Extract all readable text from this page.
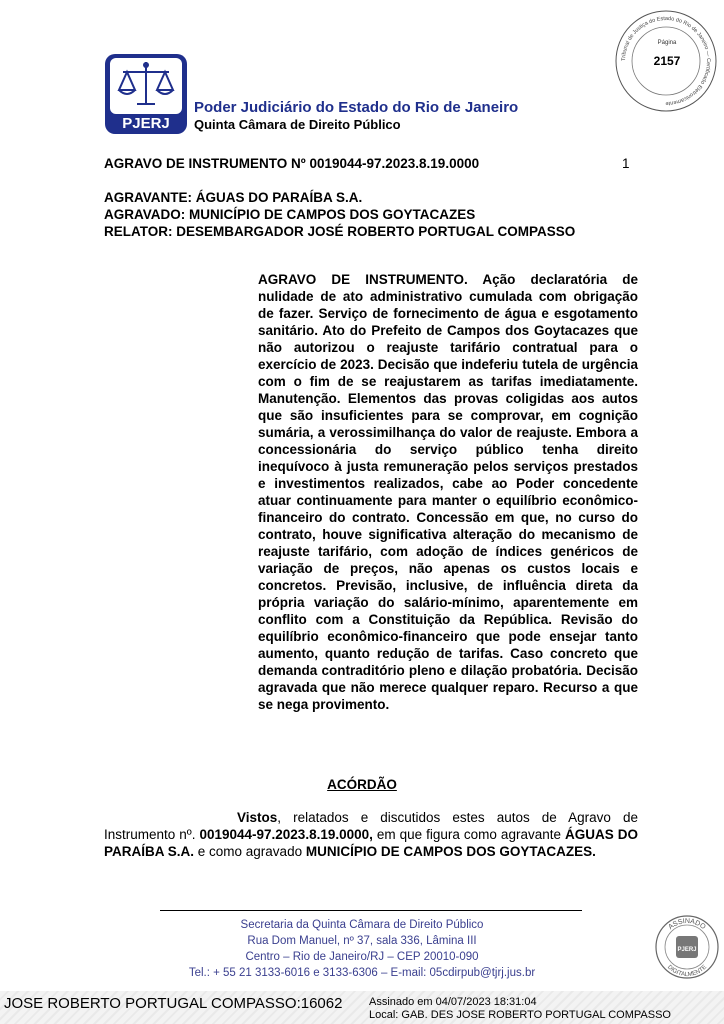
PJERJ
Poder Judiciário do Estado do Rio de Janeiro
Quinta Câmara de Direito Público
Tribunal de Justiça do Estado do Rio de Janeiro — Certificado Eletronicamente
Página
2157
AGRAVO DE INSTRUMENTO Nº 0019044-97.2023.8.19.0000	1
AGRAVANTE: ÁGUAS DO PARAÍBA S.A.
AGRAVADO: MUNICÍPIO DE CAMPOS DOS GOYTACAZES
RELATOR: DESEMBARGADOR JOSÉ ROBERTO PORTUGAL COMPASSO

AGRAVO DE INSTRUMENTO. Ação declaratória de nulidade de ato administrativo cumulada com obrigação de fazer. Serviço de fornecimento de água e esgotamento sanitário. Ato do Prefeito de Campos dos Goytacazes que não autorizou o reajuste tarifário contratual para o exercício de 2023. Decisão que indeferiu tutela de urgência com o fim de se reajustarem as tarifas imediatamente. Manutenção. Elementos das provas coligidas aos autos que são insuficientes para se comprovar, em cognição sumária, a verossimilhança do valor de reajuste. Embora a concessionária do serviço público tenha direito inequívoco à justa remuneração pelos serviços prestados e investimentos realizados, cabe ao Poder concedente atuar continuamente para manter o equilíbrio econômico-financeiro do contrato. Concessão em que, no curso do contrato, houve significativa alteração do mecanismo de reajuste tarifário, com adoção de índices genéricos de variação de preços, não apenas os custos locais e concretos. Previsão, inclusive, de influência direta da própria variação do salário-mínimo, aparentemente em conflito com a Constituição da República. Revisão do equilíbrio econômico-financeiro que pode ensejar tanto aumento, quanto redução de tarifas. Caso concreto que demanda contraditório pleno e dilação probatória. Decisão agravada que não merece qualquer reparo. Recurso a que se nega provimento.

ACÓRDÃO

Vistos, relatados e discutidos estes autos de Agravo de Instrumento nº. 0019044-97.2023.8.19.0000, em que figura como agravante ÁGUAS DO PARAÍBA S.A. e como agravado MUNICÍPIO DE CAMPOS DOS GOYTACAZES.

Secretaria da Quinta Câmara de Direito Público
Rua Dom Manuel, nº 37, sala 336, Lâmina III
Centro – Rio de Janeiro/RJ – CEP 20010-090
Tel.: + 55 21 3133-6016 e 3133-6306 – E-mail: 05cdirpub@tjrj.jus.br
ASSINADO
DIGITALMENTE
PJERJ
JOSE ROBERTO PORTUGAL COMPASSO:16062 Assinado em 04/07/2023 18:31:04
Local: GAB. DES JOSE ROBERTO PORTUGAL COMPASSO
